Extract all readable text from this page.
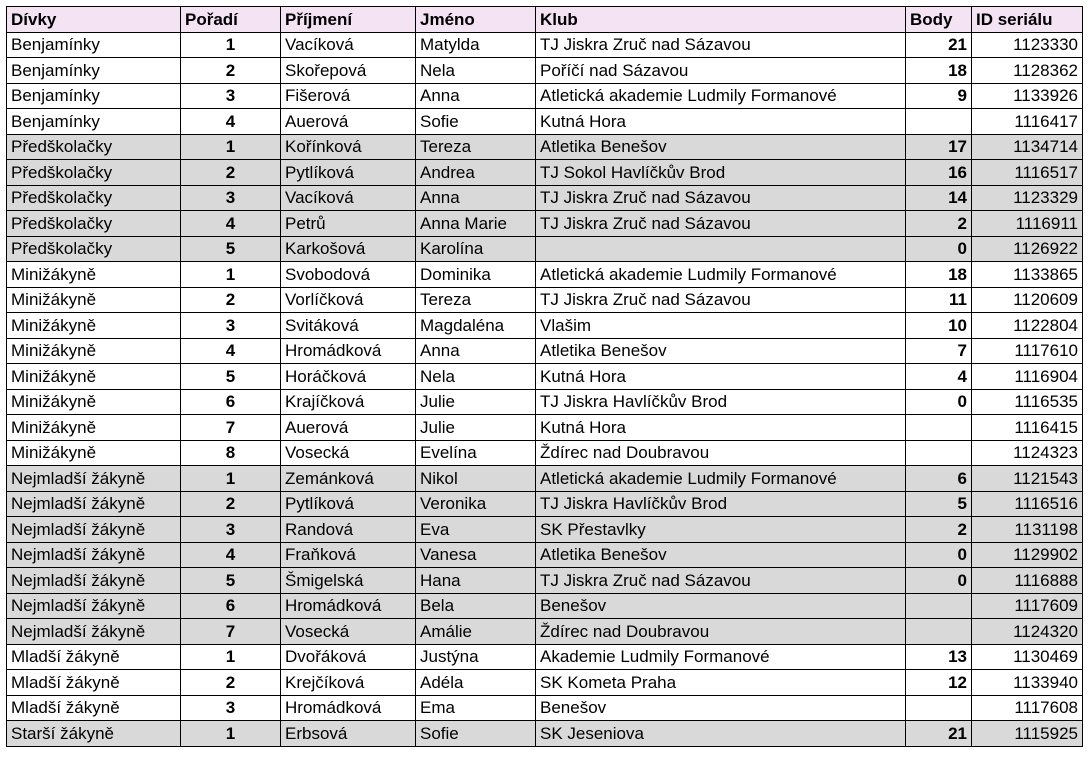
Dívky	Pořadí	Příjmení	Jméno	Klub	Body	ID seriálu
Benjamínky	1	Vacíková	Matylda	TJ Jiskra Zruč nad Sázavou	21	1123330
Benjamínky	2	Skořepová	Nela	Poříčí nad Sázavou	18	1128362
Benjamínky	3	Fišerová	Anna	Atletická akademie Ludmily Formanové	9	1133926
Benjamínky	4	Auerová	Sofie	Kutná Hora		1116417
Předškolačky	1	Kořínková	Tereza	Atletika Benešov	17	1134714
Předškolačky	2	Pytlíková	Andrea	TJ Sokol Havlíčkův Brod	16	1116517
Předškolačky	3	Vacíková	Anna	TJ Jiskra Zruč nad Sázavou	14	1123329
Předškolačky	4	Petrů	Anna Marie	TJ Jiskra Zruč nad Sázavou	2	1116911
Předškolačky	5	Karkošová	Karolína		0	1126922
Minižákyně	1	Svobodová	Dominika	Atletická akademie Ludmily Formanové	18	1133865
Minižákyně	2	Vorlíčková	Tereza	TJ Jiskra Zruč nad Sázavou	11	1120609
Minižákyně	3	Svitáková	Magdaléna	Vlašim	10	1122804
Minižákyně	4	Hromádková	Anna	Atletika Benešov	7	1117610
Minižákyně	5	Horáčková	Nela	Kutná Hora	4	1116904
Minižákyně	6	Krajíčková	Julie	TJ Jiskra Havlíčkův Brod	0	1116535
Minižákyně	7	Auerová	Julie	Kutná Hora		1116415
Minižákyně	8	Vosecká	Evelína	Ždírec nad Doubravou		1124323
Nejmladší žákyně	1	Zemánková	Nikol	Atletická akademie Ludmily Formanové	6	1121543
Nejmladší žákyně	2	Pytlíková	Veronika	TJ Jiskra Havlíčkův Brod	5	1116516
Nejmladší žákyně	3	Randová	Eva	SK Přestavlky	2	1131198
Nejmladší žákyně	4	Fraňková	Vanesa	Atletika Benešov	0	1129902
Nejmladší žákyně	5	Šmigelská	Hana	TJ Jiskra Zruč nad Sázavou	0	1116888
Nejmladší žákyně	6	Hromádková	Bela	Benešov		1117609
Nejmladší žákyně	7	Vosecká	Amálie	Ždírec nad Doubravou		1124320
Mladší žákyně	1	Dvořáková	Justýna	Akademie Ludmily Formanové	13	1130469
Mladší žákyně	2	Krejčíková	Adéla	SK Kometa Praha	12	1133940
Mladší žákyně	3	Hromádková	Ema	Benešov		1117608
Starší žákyně	1	Erbsová	Sofie	SK Jeseniova	21	1115925
